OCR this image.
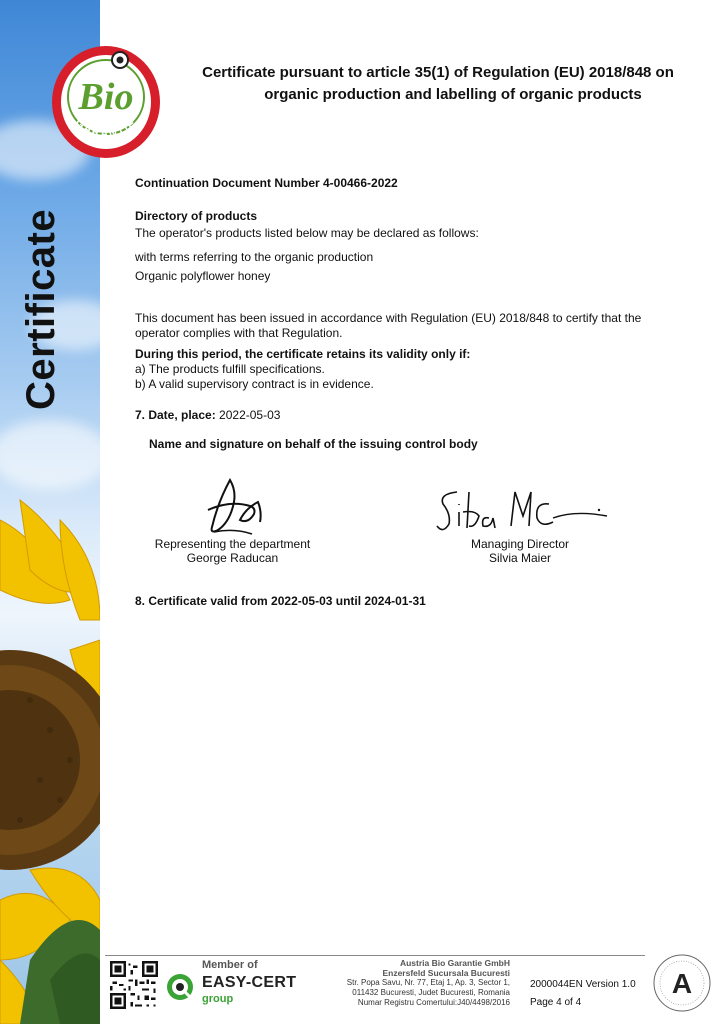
Certificate
Bio
GARANTIE
Certificate pursuant to article 35(1) of Regulation (EU) 2018/848 on
organic production and labelling of organic products
Continuation Document Number 4-00466-2022
Directory of products
The operator's products listed below may be declared as follows:
with terms referring to the organic production
Organic polyflower honey
This document has been issued in accordance with Regulation (EU) 2018/848 to certify that the
operator complies with that Regulation.
During this period, the certificate retains its validity only if:
a) The products fulfill specifications.
b) A valid supervisory contract is in evidence.
7. Date, place: 2022-05-03
Name and signature on behalf of the issuing control body
Representing the department
George Raducan
Managing Director
Silvia Maier
8. Certificate valid from 2022-05-03 until 2024-01-31
Member of
EASY-CERT
group
Austria Bio Garantie GmbH
Enzersfeld Sucursala Bucuresti
Str. Popa Savu, Nr. 77, Etaj 1, Ap. 3, Sector 1,
011432 Bucuresti, Judet Bucuresti, Romania
Numar Registru Comertului:J40/4498/2016
2000044EN Version 1.0
Page 4 of 4
A
